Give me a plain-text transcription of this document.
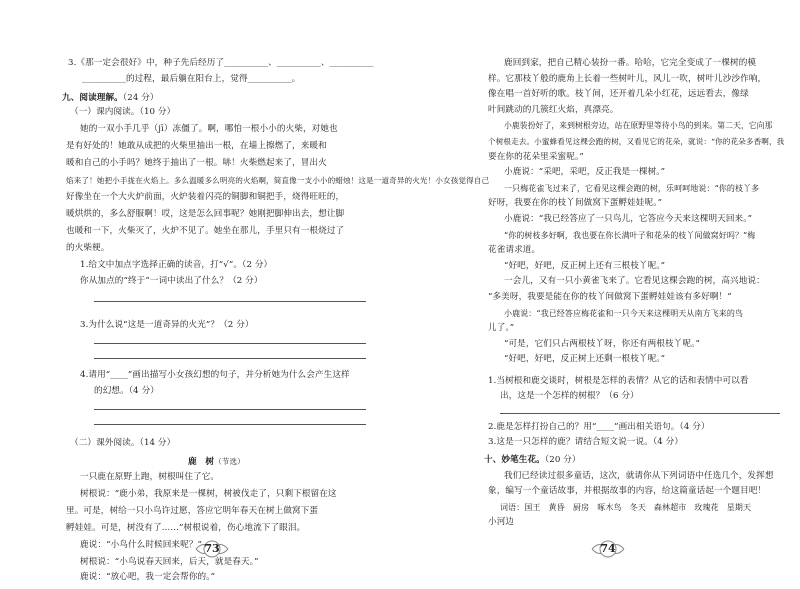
3.《那一定会很好》中，种子先后经历了__________、__________、__________
__________的过程，最后躺在阳台上，觉得__________。
九、阅读理解。（24 分）
（一）课内阅读。（10 分）
她的一双小手几乎（jī）冻僵了。啊，哪怕一根小小的火柴，对她也
是有好处的！她敢从成把的火柴里抽出一根，在墙上擦燃了，来暖和
暖和自己的小手吗？她终于抽出了一根。哧！火柴燃起来了，冒出火
焰来了！她把小手拢在火焰上。多么温暖多么明亮的火焰啊，简直像一支小小的蜡烛！这是一道奇异的火光！小女孩觉得自己
好像坐在一个大火炉前面，火炉装着闪亮的铜脚和铜把手，烧得旺旺的，
暖烘烘的，多么舒服啊！哎，这是怎么回事呢？她刚把脚伸出去，想让脚
也暖和一下，火柴灭了，火炉不见了。她坐在那儿，手里只有一根烧过了
的火柴梗。
1.给文中加点字选择正确的读音，打“√”。（2 分）
你从加点的“终于”一词中读出了什么？（2 分）
3.为什么说“这是一道奇异的火光”？（2 分）
4.请用“____”画出描写小女孩幻想的句子，并分析她为什么会产生这样
的幻想。（4 分）
（二）课外阅读。（14 分）
鹿　树（节选）
一只鹿在原野上跑，树根叫住了它。
树根说：“鹿小弟，我原来是一棵树，树被伐走了，只剩下根留在这
里。可是，树给一只小鸟许过愿，答应它明年春天在树上做窝下蛋
孵娃娃。可是，树没有了……”树根说着，伤心地流下了眼泪。
鹿说：“小鸟什么时候回来呢？”
树根说：“小鸟说春天回来，后天，就是春天。”
鹿说：“放心吧，我一定会帮你的。”
73
鹿回到家，把自己精心装扮一番。哈哈，它完全变成了一棵树的模
样。它那枝丫般的鹿角上长着一些树叶儿，风儿一吹，树叶儿沙沙作响，
像在唱一首好听的歌。枝丫间，还开着几朵小红花，远远看去，像绿
叶间跳动的几簇红火焰，真漂亮。
小鹿装扮好了，来到树根旁边，站在原野里等待小鸟的到来。第二天，它向那
个树根走去。小蜜蜂看见这棵会跑的树，又看见它的花朵，就说：“你的花朵多香啊，我
要在你的花朵里采蜜呢。”
小鹿说：“采吧，采吧，反正我是一棵树。”
一只梅花雀飞过来了，它看见这棵会跑的树，乐呵呵地说：“你的枝丫多
好呀，我要在你的枝丫间做窝下蛋孵娃娃呢。”
小鹿说：“我已经答应了一只鸟儿，它答应今天来这棵明天回来。”
“你的树枝多好啊，我也要在你长满叶子和花朵的枝丫间做窝好吗？”梅
花雀请求道。
“好吧，好吧，反正树上还有三根枝丫呢。”
一会儿，又有一只小黄雀飞来了。它看见这棵会跑的树，高兴地说：
“多美呀，我要是能在你的枝丫间做窝下蛋孵娃娃该有多好啊！”
小鹿说：“我已经答应梅花雀和一只今天来这棵明天从南方飞来的鸟
儿了。”
“可是，它们只占两根枝丫呀，你还有两根枝丫呢。”
“好吧，好吧，反正树上还剩一根枝丫呢。”
1.当树根和鹿交谈时，树根是怎样的表情？从它的话和表情中可以看
出，这是一个怎样的树根？（6 分）
2.鹿是怎样打扮自己的？用“____”画出相关语句。（4 分）
3.这是一只怎样的鹿？请结合短文说一说。（4 分）
十、妙笔生花。（20 分）
我们已经读过很多童话，这次，就请你从下列词语中任选几个，发挥想
象，编写一个童话故事，并根据故事的内容，给这篇童话起一个题目吧！
词语：国王　黄昏　厨房　啄木鸟　冬天　森林超市　玫瑰花　星期天
小河边
74
